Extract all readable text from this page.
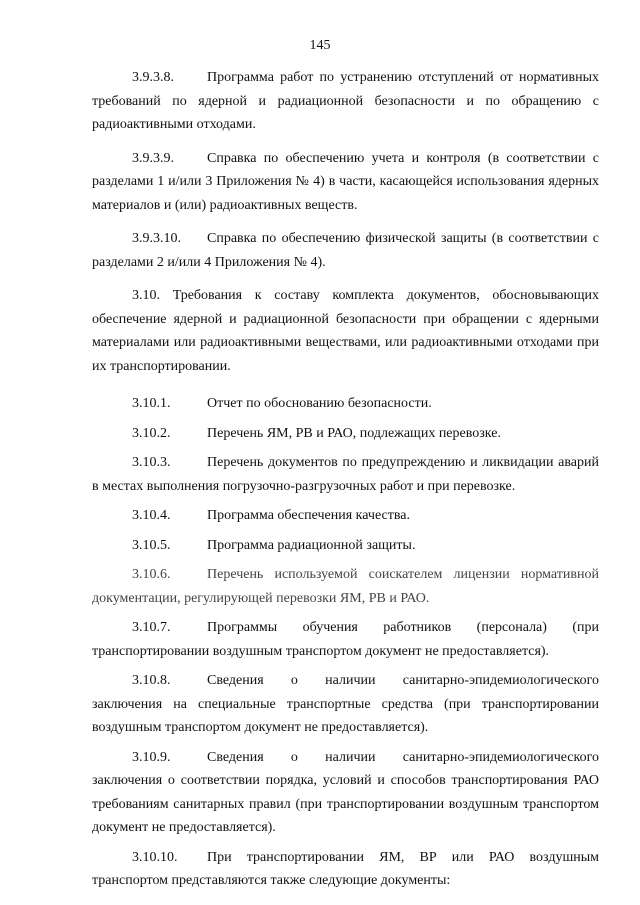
145

3.9.3.8. Программа работ по устранению отступлений от нормативных требований по ядерной и радиационной безопасности и по обращению с радиоактивными отходами.

3.9.3.9. Справка по обеспечению учета и контроля (в соответствии с разделами 1 и/или 3 Приложения № 4) в части, касающейся использования ядерных материалов и (или) радиоактивных веществ.

3.9.3.10. Справка по обеспечению физической защиты (в соответствии с разделами 2 и/или 4 Приложения № 4).

3.10. Требования к составу комплекта документов, обосновывающих обеспечение ядерной и радиационной безопасности при обращении с ядерными материалами или радиоактивными веществами, или радиоактивными отходами при их транспортировании.

3.10.1.	Отчет по обоснованию безопасности.

3.10.2.	Перечень ЯМ, РВ и РАО, подлежащих перевозке.

3.10.3.	Перечень документов по предупреждению и ликвидации аварий в местах выполнения погрузочно-разгрузочных работ и при перевозке.

3.10.4.	Программа обеспечения качества.

3.10.5.	Программа радиационной защиты.

3.10.6.	Перечень используемой соискателем лицензии нормативной документации, регулирующей перевозки ЯМ, РВ и РАО.

3.10.7.	Программы обучения работников (персонала) (при транспортировании воздушным транспортом документ не предоставляется).

3.10.8.	Сведения о наличии санитарно-эпидемиологического заключения на специальные транспортные средства (при транспортировании воздушным транспортом документ не предоставляется).

3.10.9.	Сведения о наличии санитарно-эпидемиологического заключения о соответствии порядка, условий и способов транспортирования РАО требованиям санитарных правил (при транспортировании воздушным транспортом документ не предоставляется).

3.10.10. При транспортировании ЯМ, ВР или РАО воздушным транспортом представляются также следующие документы:
